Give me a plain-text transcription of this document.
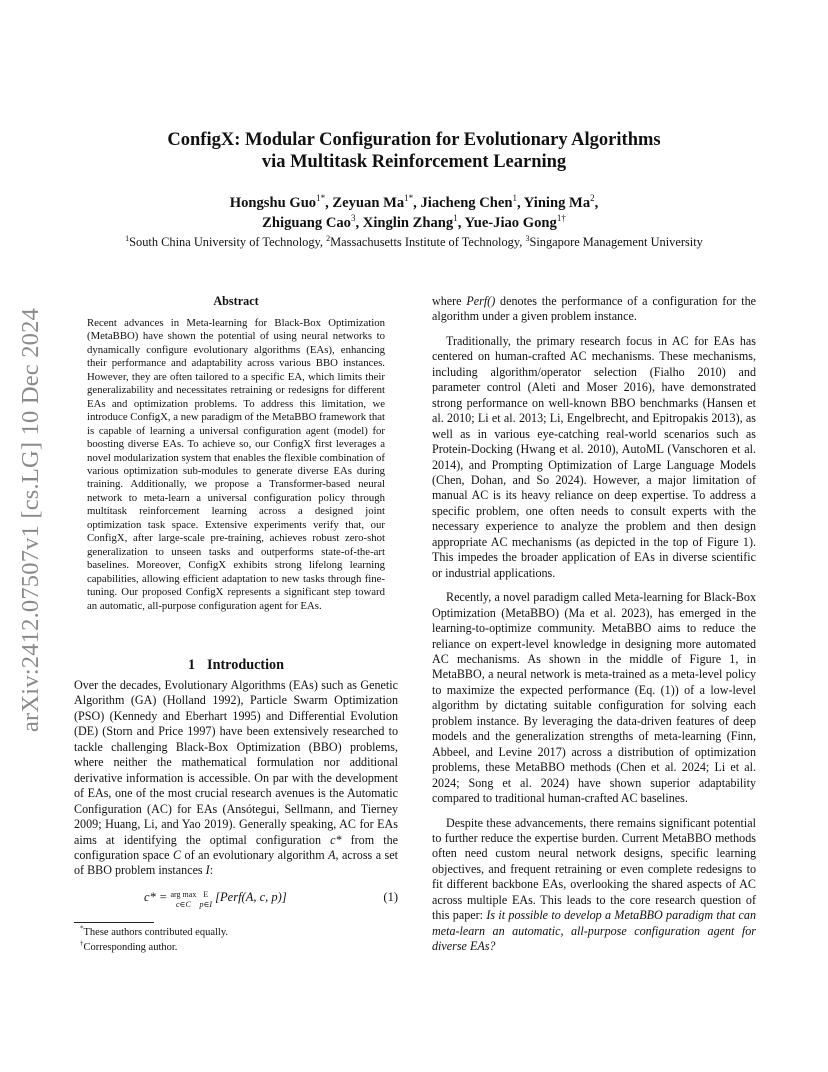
arXiv:2412.07507v1 [cs.LG] 10 Dec 2024
ConfigX: Modular Configuration for Evolutionary Algorithms
via Multitask Reinforcement Learning
Hongshu Guo$^{1*}$, Zeyuan $Ma^{1*}$, Jiacheng Chen$^1$, Yining Ma$^2$,
Zhiguang Cao$^3$, Xinglin Zhang$^1$, Yue-Jiao Gong$^{1\dagger}$
$^1$South China University of Technology, $^2$Massachusetts Institute of Technology, $^3$Singapore Management University
Abstract
Recent advances in Meta-learning for Black-Box Optimization (MetaBBO) have shown the potential of using neural networks to dynamically configure evolutionary algorithms (EAs), enhancing their performance and adaptability across various BBO instances. However, they are often tailored to a specific EA, which limits their generalizability and necessitates retraining or redesigns for different EAs and optimization problems. To address this limitation, we introduce ConfigX, a new paradigm of the MetaBBO framework that is capable of learning a universal configuration agent (model) for boosting diverse EAs. To achieve so, our ConfigX first leverages a novel modularization system that enables the flexible combination of various optimization sub-modules to generate diverse EAs during training. Additionally, we propose a Transformer-based neural network to meta-learn a universal configuration policy through multitask reinforcement learning across a designed joint optimization task space. Extensive experiments verify that, our ConfigX, after large-scale pre-training, achieves robust zero-shot generalization to unseen tasks and outperforms state-of-the-art baselines. Moreover, ConfigX exhibits strong lifelong learning capabilities, allowing efficient adaptation to new tasks through fine-tuning. Our proposed ConfigX represents a significant step toward an automatic, all-purpose configuration agent for EAs.
1 Introduction

Over the decades, Evolutionary Algorithms (EAs) such as Genetic Algorithm (GA) (Holland 1992), Particle Swarm Optimization (PSO) (Kennedy and Eberhart 1995) and Differential Evolution (DE) (Storn and Price 1997) have been extensively researched to tackle challenging Black-Box Optimization (BBO) problems, where neither the mathematical formulation nor additional derivative information is accessible. On par with the development of EAs, one of the most crucial research avenues is the Automatic Configuration (AC) for EAs (Ansótegui, Sellmann, and Tierney 2009; Huang, Li, and Yao 2019). Generally speaking, AC for EAs aims at identifying the optimal configuration c* from the configuration space C of an evolutionary algorithm A, across a set of BBO problem instances I:

c* = arg max
c∈C E
p∈I [Perf(A, c, p)]	(1)
*These authors contributed equally.
†Corresponding author.

where Perf() denotes the performance of a configuration for the algorithm under a given problem instance.

Traditionally, the primary research focus in AC for EAs has centered on human-crafted AC mechanisms. These mechanisms, including algorithm/operator selection (Fialho 2010) and parameter control (Aleti and Moser 2016), have demonstrated strong performance on well-known BBO benchmarks (Hansen et al. 2010; Li et al. 2013; Li, Engelbrecht, and Epitropakis 2013), as well as in various eye-catching real-world scenarios such as Protein-Docking (Hwang et al. 2010), AutoML (Vanschoren et al. 2014), and Prompting Optimization of Large Language Models (Chen, Dohan, and So 2024). However, a major limitation of manual AC is its heavy reliance on deep expertise. To address a specific problem, one often needs to consult experts with the necessary experience to analyze the problem and then design appropriate AC mechanisms (as depicted in the top of Figure 1). This impedes the broader application of EAs in diverse scientific or industrial applications.

Recently, a novel paradigm called Meta-learning for Black-Box Optimization (MetaBBO) (Ma et al. 2023), has emerged in the learning-to-optimize community. MetaBBO aims to reduce the reliance on expert-level knowledge in designing more automated AC mechanisms. As shown in the middle of Figure 1, in MetaBBO, a neural network is meta-trained as a meta-level policy to maximize the expected performance (Eq. (1)) of a low-level algorithm by dictating suitable configuration for solving each problem instance. By leveraging the data-driven features of deep models and the generalization strengths of meta-learning (Finn, Abbeel, and Levine 2017) across a distribution of optimization problems, these MetaBBO methods (Chen et al. 2024; Li et al. 2024; Song et al. 2024) have shown superior adaptability compared to traditional human-crafted AC baselines.

Despite these advancements, there remains significant potential to further reduce the expertise burden. Current MetaBBO methods often need custom neural network designs, specific learning objectives, and frequent retraining or even complete redesigns to fit different backbone EAs, overlooking the shared aspects of AC across multiple EAs. This leads to the core research question of this paper: Is it possible to develop a MetaBBO paradigm that can meta-learn an automatic, all-purpose configuration agent for diverse EAs?
